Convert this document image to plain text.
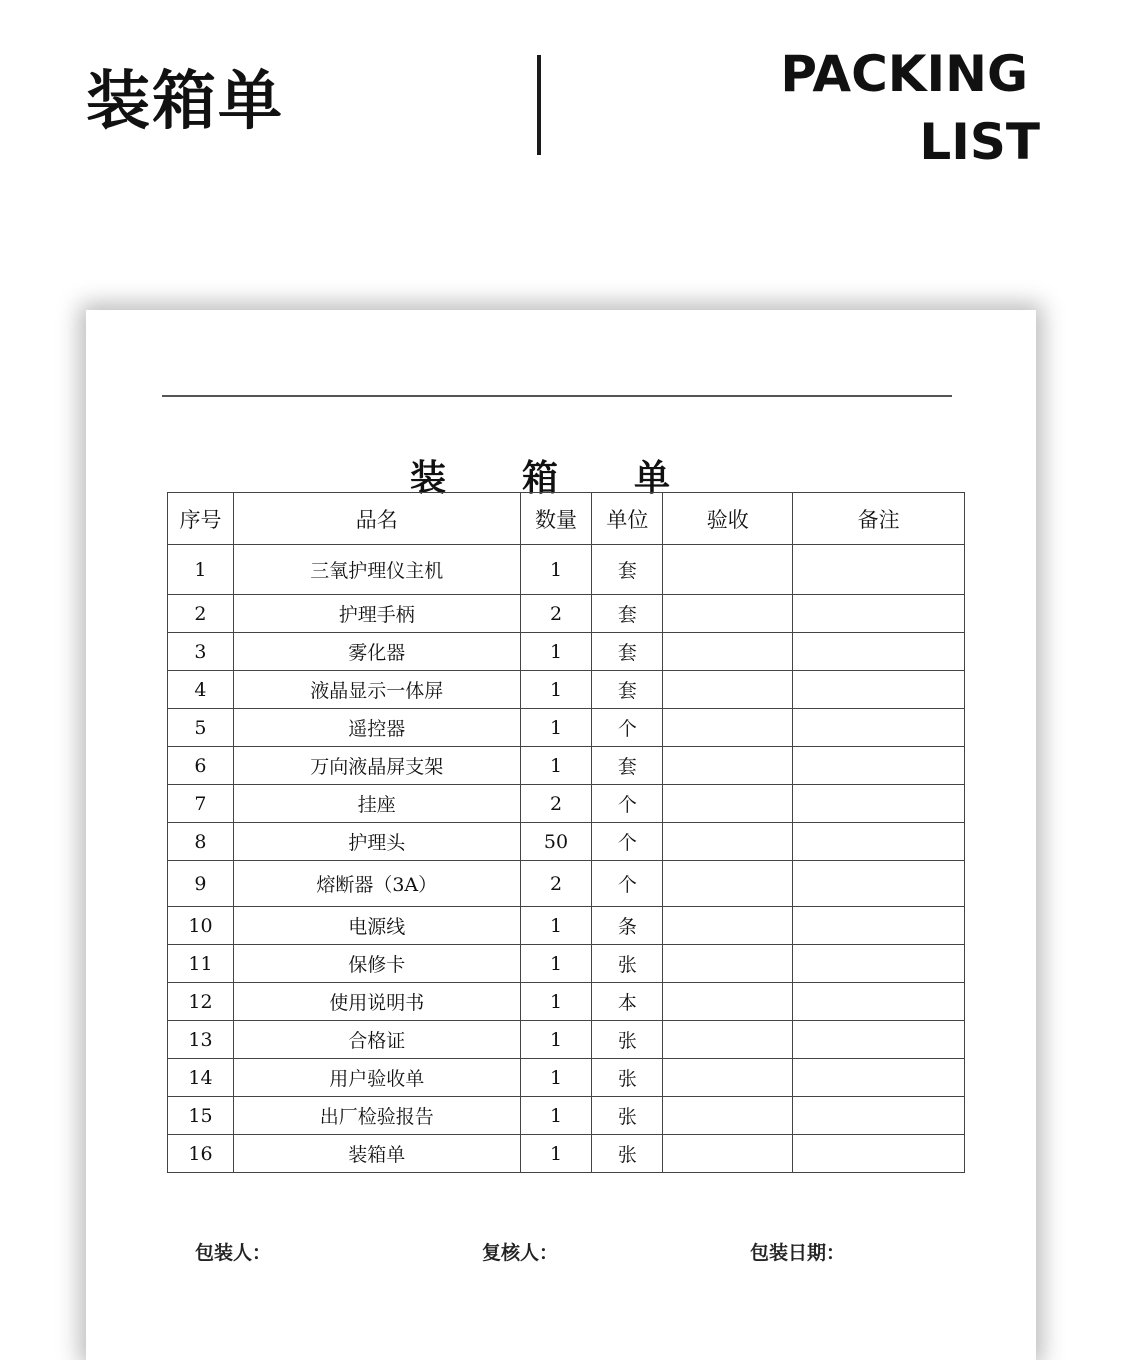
装箱单	PACKING
LIST
装 箱 单
序号	品名	数量	单位	验收	备注
1	三氧护理仪主机	1	套		
2	护理手柄	2	套		
3	雾化器	1	套		
4	液晶显示一体屏	1	套		
5	遥控器	1	个		
6	万向液晶屏支架	1	套		
7	挂座	2	个		
8	护理头	50	个		
9	熔断器（3A）	2	个		
10	电源线	1	条		
11	保修卡	1	张		
12	使用说明书	1	本		
13	合格证	1	张		
14	用户验收单	1	张		
15	出厂检验报告	1	张		
16	装箱单	1	张		
包装人：	复核人：	包装日期：
